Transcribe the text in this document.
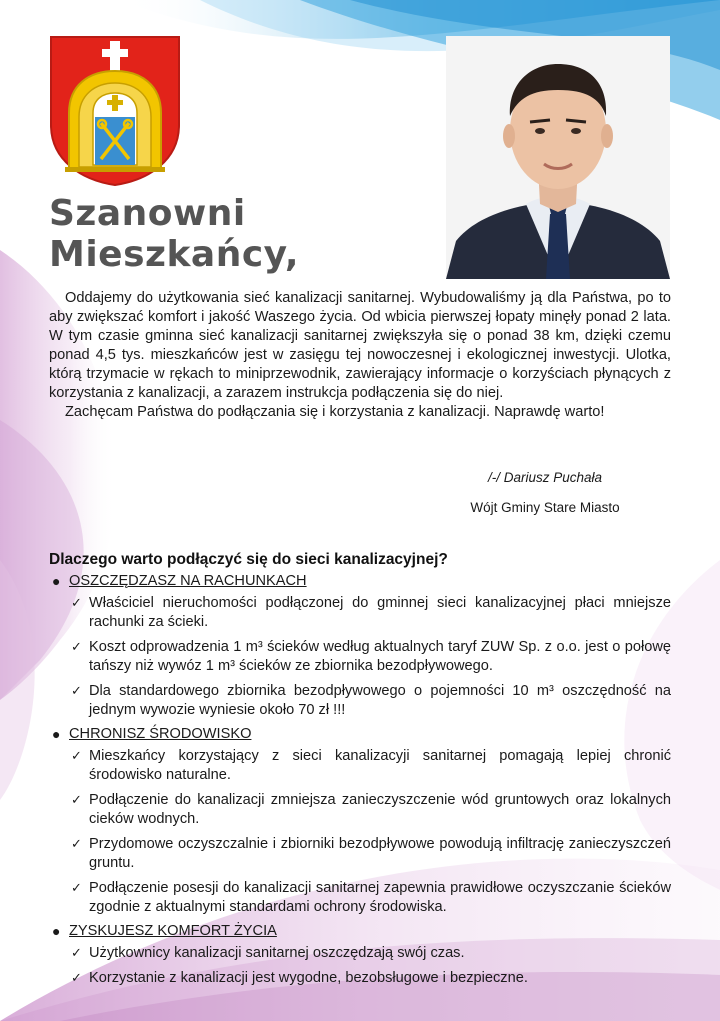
Szanowni
Mieszkańcy,

Oddajemy do użytkowania sieć kanalizacji sanitarnej. Wybudowaliśmy ją dla Państwa, po to aby zwiększać komfort i jakość Waszego życia. Od wbicia pierwszej łopaty minęły ponad 2 lata. W tym czasie gminna sieć kanalizacji sanitarnej zwiększyła się o ponad 38 km, dzięki czemu ponad 4,5 tys. mieszkańców jest w zasięgu tej nowoczesnej i ekologicznej inwestycji. Ulotka, którą trzymacie w rękach to miniprzewodnik, zawierający informacje o korzyściach płynących z korzystania z kanalizacji, a zarazem instrukcja podłączenia się do niej.

Zachęcam Państwa do podłączania się i korzystania z kanalizacji. Naprawdę warto!

/-/ Dariusz Puchała
Wójt Gminy Stare Miasto
Dlaczego warto podłączyć się do sieci kanalizacyjnej?
● OSZCZĘDZASZ NA RACHUNKACH
✓ Właściciel nieruchomości podłączonej do gminnej sieci kanalizacyjnej płaci mniejsze rachunki za ścieki.
✓ Koszt odprowadzenia 1 m³ ścieków według aktualnych taryf ZUW Sp. z o.o. jest o połowę tańszy niż wywóz 1 m³ ścieków ze zbiornika bezodpływowego.
✓ Dla standardowego zbiornika bezodpływowego o pojemności 10 m³ oszczędność na jednym wywozie wyniesie około 70 zł !!!
● CHRONISZ ŚRODOWISKO
✓ Mieszkańcy korzystający z sieci kanalizacyji sanitarnej pomagają lepiej chronić środowisko naturalne.
✓ Podłączenie do kanalizacji zmniejsza zanieczyszczenie wód gruntowych oraz lokalnych cieków wodnych.
✓ Przydomowe oczyszczalnie i zbiorniki bezodpływowe powodują infiltrację zanieczyszczeń gruntu.
✓ Podłączenie posesji do kanalizacji sanitarnej zapewnia prawidłowe oczyszczanie ścieków zgodnie z aktualnymi standardami ochrony środowiska.
● ZYSKUJESZ KOMFORT ŻYCIA
✓ Użytkownicy kanalizacji sanitarnej oszczędzają swój czas.
✓ Korzystanie z kanalizacji jest wygodne, bezobsługowe i bezpieczne.
